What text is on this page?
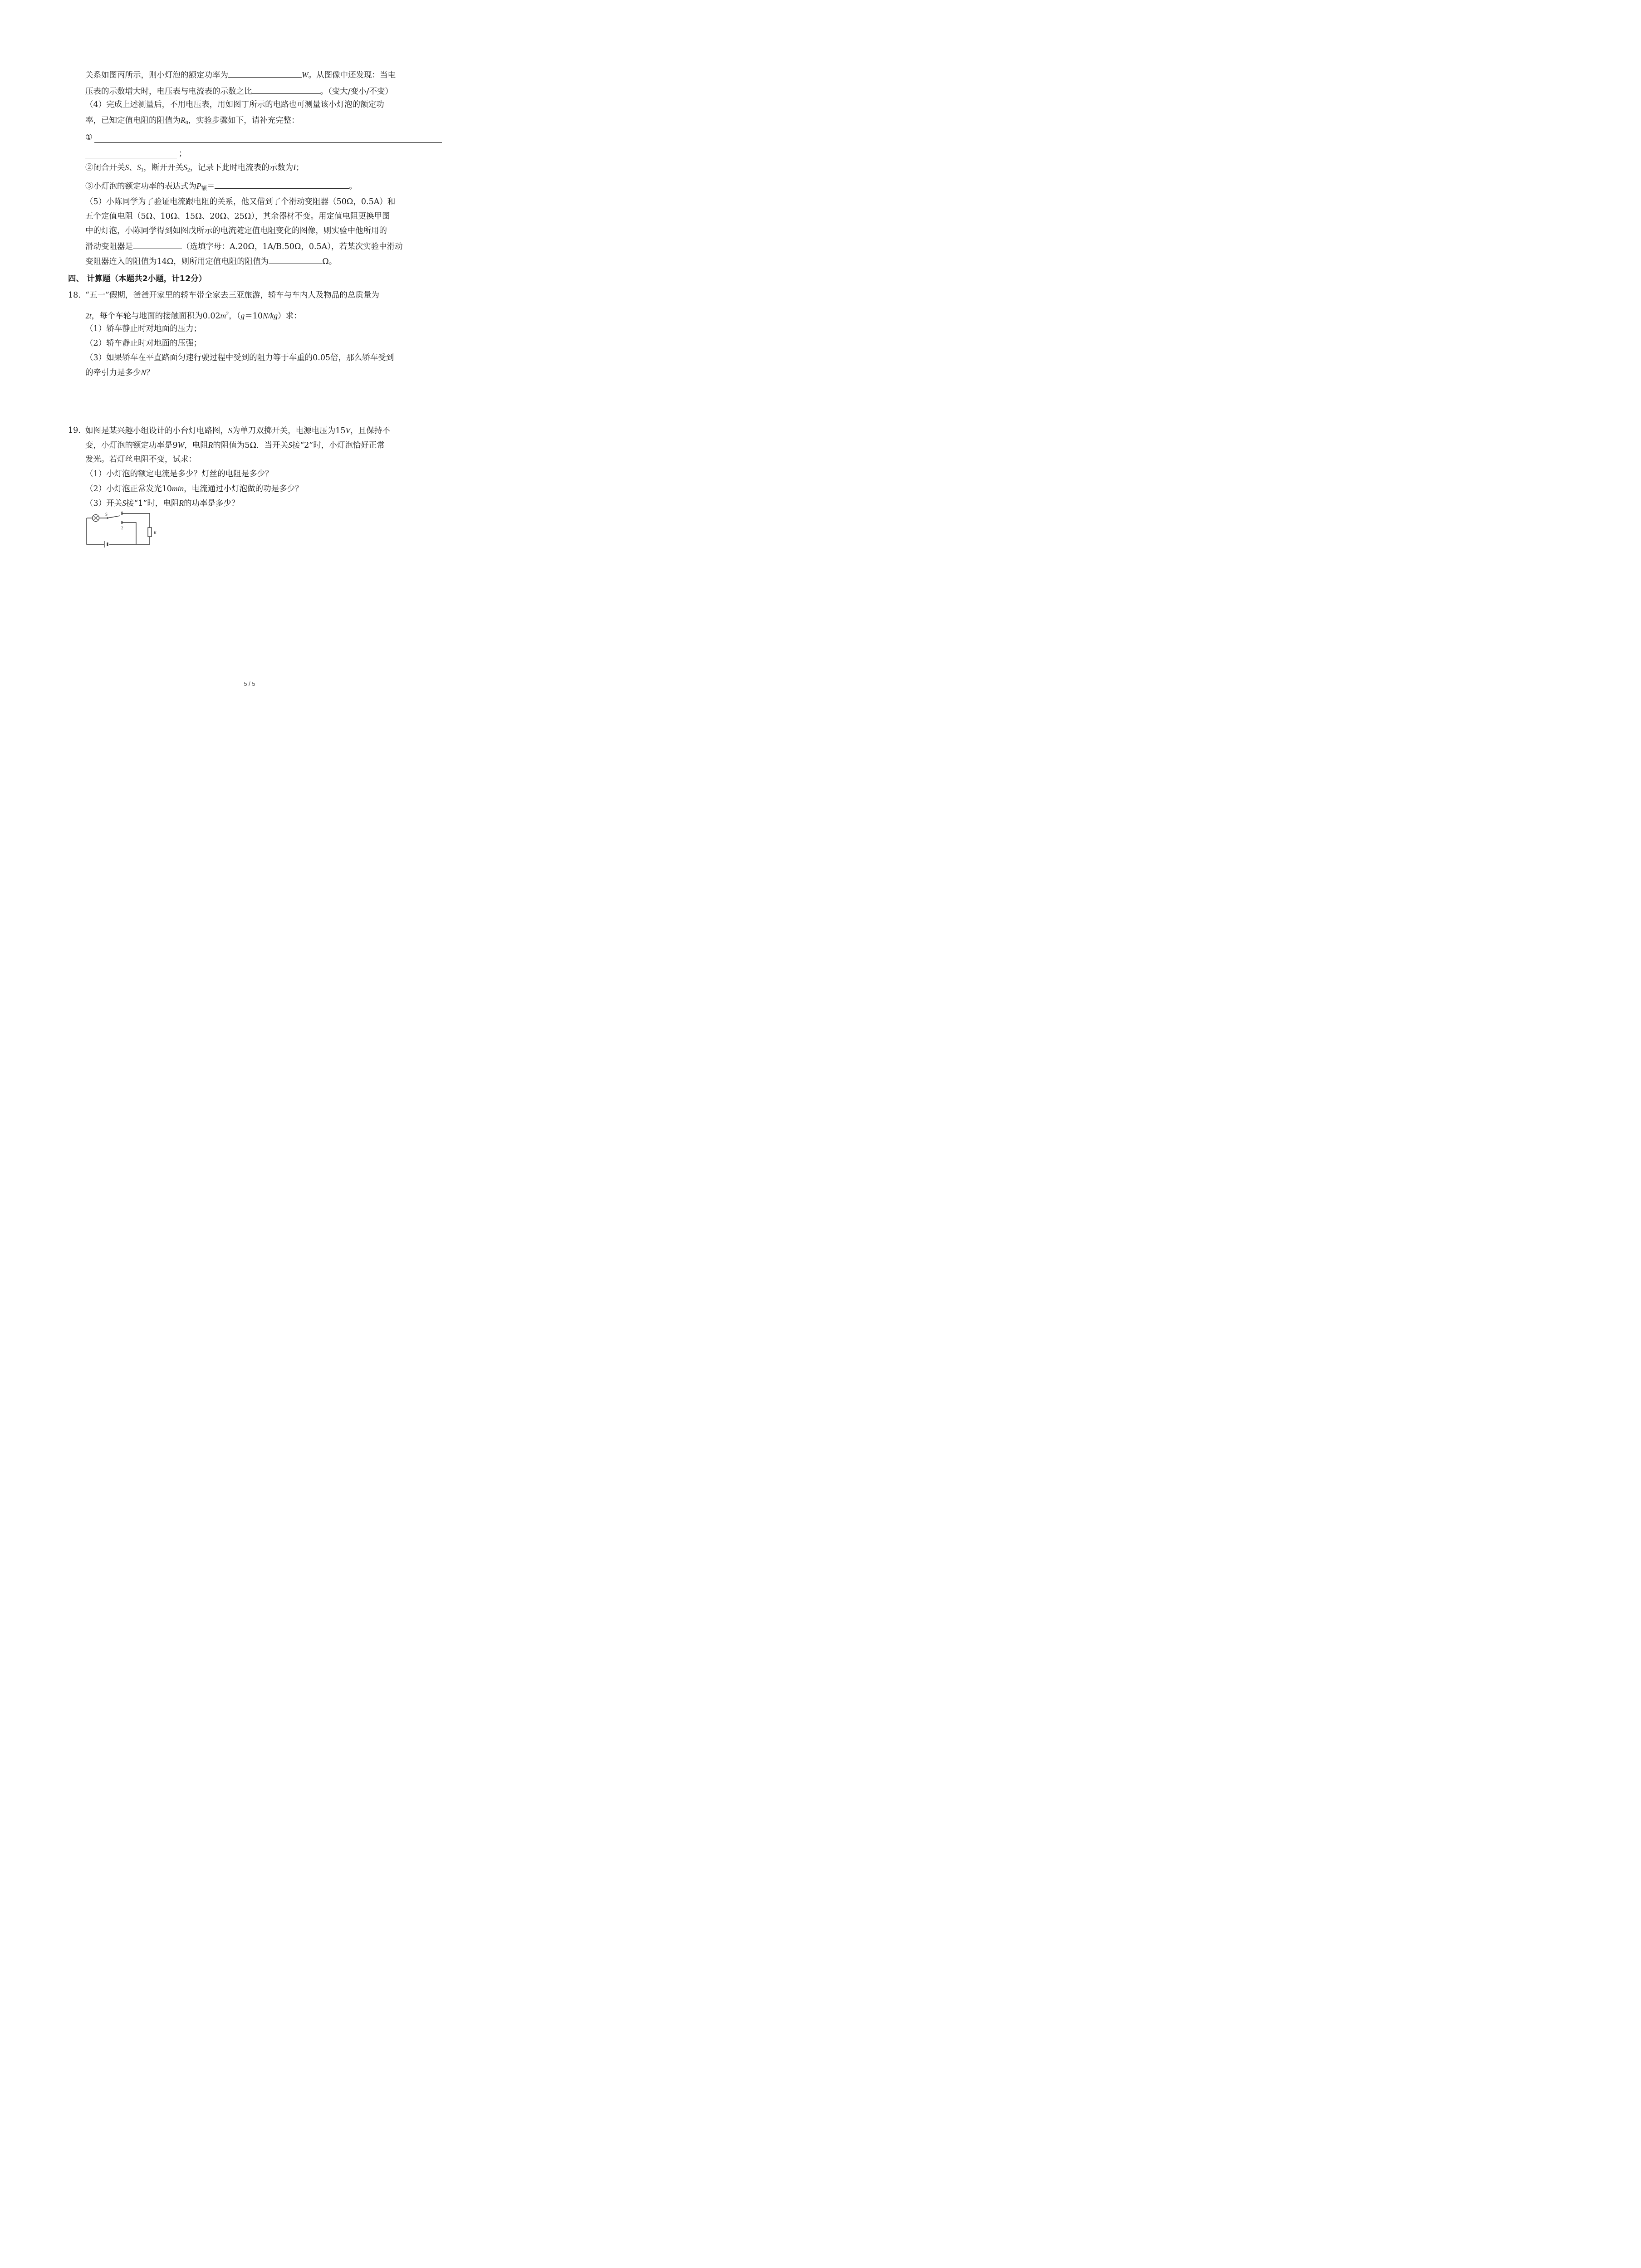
关系如图丙所示，则小灯泡的额定功率为	W。从图像中还发现：当电
压表的示数增大时，电压表与电流表的示数之比	。（变大/变小/不变）
（4）完成上述测量后，不用电压表，用如图丁所示的电路也可测量该小灯泡的额定功
率，已知定值电阻的阻值为$R_0$，实验步骤如下，请补充完整：
①
；
②闭合开关S、$S_1$，断开开关$S_2$，记录下此时电流表的示数为I；
③小灯泡的额定功率的表达式为$P_额=$	。
（5）小陈同学为了验证电流跟电阻的关系，他又借到了个滑动变阻器（50Ω，0.5A）和
五个定值电阻（5Ω、10Ω、15Ω、20Ω、25Ω），其余器材不变。用定值电阻更换甲图
中的灯泡，小陈同学得到如图戊所示的电流随定值电阻变化的图像，则实验中他所用的
滑动变阻器是	（选填字母：A.20Ω，1A/B.50Ω，0.5A），若某次实验中滑动
变阻器连入的阻值为14Ω，则所用定值电阻的阻值为	Ω。
四、 计算题（本题共2小题，计12分）
18. “五一”假期，爸爸开家里的轿车带全家去三亚旅游，轿车与车内人及物品的总质量为
2t，每个车轮与地面的接触面积为$0.02m^2$，（g＝10N/kg）求：
（1）轿车静止时对地面的压力；
（2）轿车静止时对地面的压强；
（3）如果轿车在平直路面匀速行驶过程中受到的阻力等于车重的0.05倍，那么轿车受到
的牵引力是多少N？
19. 如图是某兴趣小组设计的小台灯电路图，S为单刀双掷开关，电源电压为15V，且保持不
变，小灯泡的额定功率是9W，电阻R的阻值为5Ω．当开关S接“2”时，小灯泡恰好正常
发光。若灯丝电阻不变，试求：
（1）小灯泡的额定电流是多少？灯丝的电阻是多少？
（2）小灯泡正常发光10min，电流通过小灯泡做的功是多少？
（3）开关S接“1”时，电阻R的功率是多少？
S	1
2
R
5 / 5
